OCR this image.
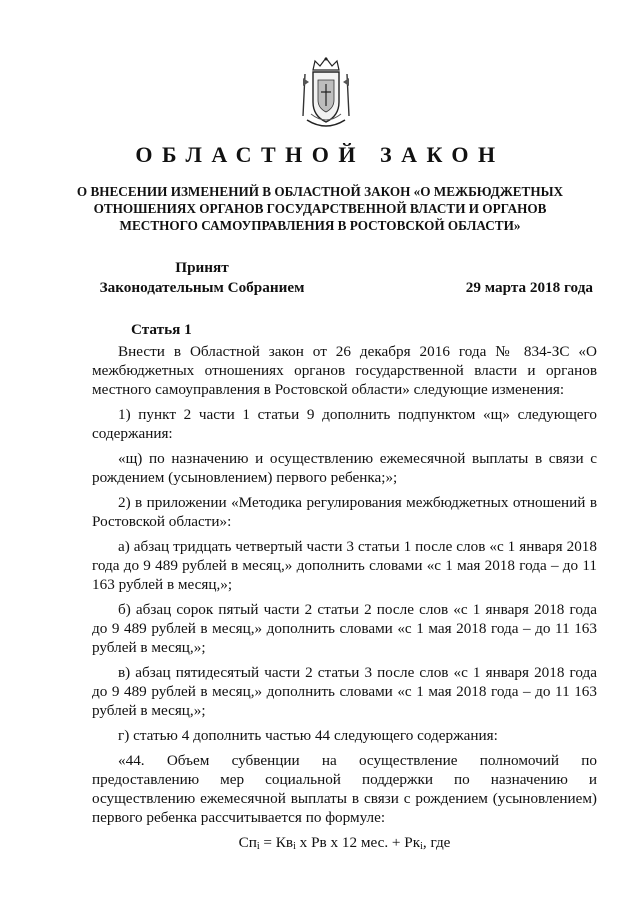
ОБЛАСТНОЙ ЗАКОН

О ВНЕСЕНИИ ИЗМЕНЕНИЙ В ОБЛАСТНОЙ ЗАКОН «О МЕЖБЮДЖЕТНЫХ ОТНОШЕНИЯХ ОРГАНОВ ГОСУДАРСТВЕННОЙ ВЛАСТИ И ОРГАНОВ МЕСТНОГО САМОУПРАВЛЕНИЯ В РОСТОВСКОЙ ОБЛАСТИ»

Принят
Законодательным Собранием	29 марта 2018 года
Статья 1

Внести в Областной закон от 26 декабря 2016 года № 834-ЗС «О межбюджетных отношениях органов государственной власти и органов местного самоуправления в Ростовской области» следующие изменения:

1) пункт 2 части 1 статьи 9 дополнить подпунктом «щ» следующего содержания:

«щ) по назначению и осуществлению ежемесячной выплаты в связи с рождением (усыновлением) первого ребенка;»;

2) в приложении «Методика регулирования межбюджетных отношений в Ростовской области»:

а) абзац тридцать четвертый части 3 статьи 1 после слов «с 1 января 2018 года до 9 489 рублей в месяц,» дополнить словами «с 1 мая 2018 года – до 11 163 рублей в месяц,»;

б) абзац сорок пятый части 2 статьи 2 после слов «с 1 января 2018 года до 9 489 рублей в месяц,» дополнить словами «с 1 мая 2018 года – до 11 163 рублей в месяц,»;

в) абзац пятидесятый части 2 статьи 3 после слов «с 1 января 2018 года до 9 489 рублей в месяц,» дополнить словами «с 1 мая 2018 года – до 11 163 рублей в месяц,»;

г) статью 4 дополнить частью 44 следующего содержания:

«44. Объем субвенции на осуществление полномочий по предоставлению мер социальной поддержки по назначению и осуществлению ежемесячной выплаты в связи с рождением (усыновлением) первого ребенка рассчитывается по формуле:

$Сп_i = Кв_i$ х Рв х 12 мес. + $Рк_i$, где
